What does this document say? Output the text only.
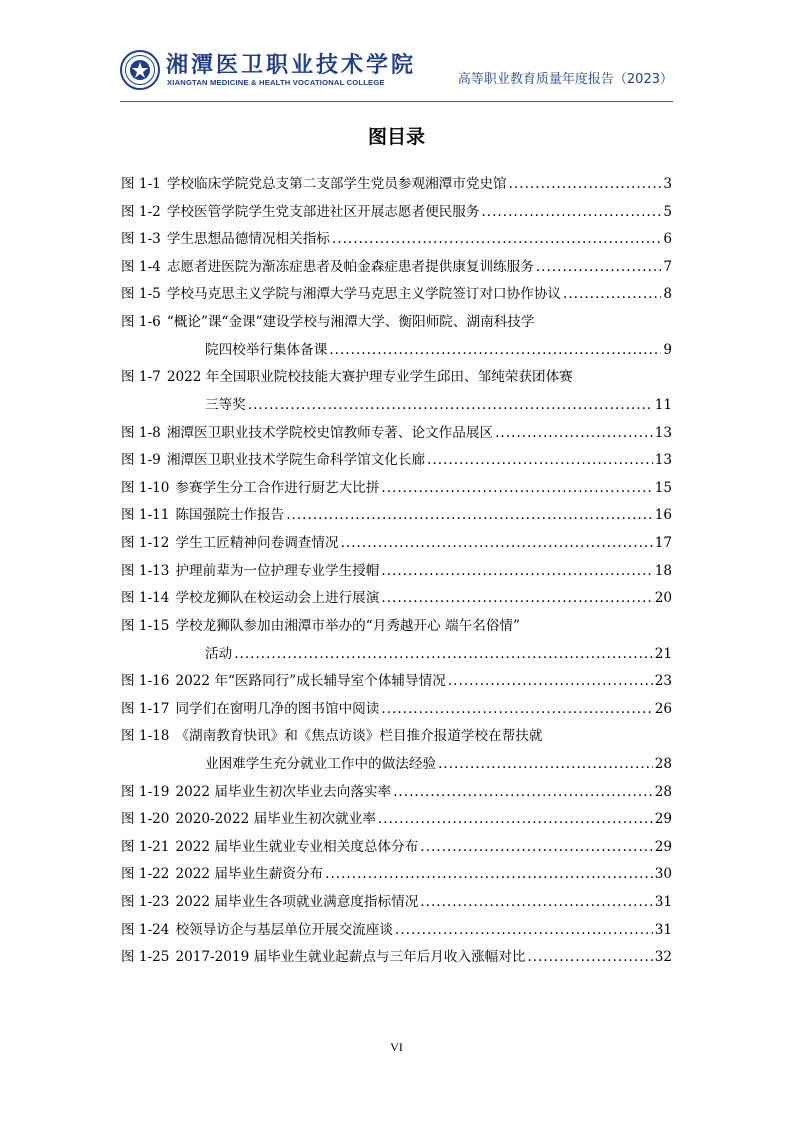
湘潭医卫职业技术学院
XIANGTAN MEDICINE & HEALTH VOCATIONAL COLLEGE	高等职业教育质量年度报告（2023）
图目录
图 1-1 学校临床学院党总支第二支部学生党员参观湘潭市党史馆 .....	3
图 1-2 学校医管学院学生党支部进社区开展志愿者便民服务 .....	5
图 1-3 学生思想品德情况相关指标 .....	6
图 1-4 志愿者进医院为渐冻症患者及帕金森症患者提供康复训练服务 .....	7
图 1-5 学校马克思主义学院与湘潭大学马克思主义学院签订对口协作协议 .....	8
图 1-6 “概论”课“金课”建设学校与湘潭大学、衡阳师院、湖南科技学
院四校举行集体备课 .....	9
图 1-7 2022 年全国职业院校技能大赛护理专业学生邱田、邹纯荣获团体赛
三等奖 .....	11
图 1-8 湘潭医卫职业技术学院校史馆教师专著、论文作品展区 .....	13
图 1-9 湘潭医卫职业技术学院生命科学馆文化长廊 .....	13
图 1-10 参赛学生分工合作进行厨艺大比拼 .....	15
图 1-11 陈国强院士作报告 .....	16
图 1-12 学生工匠精神问卷调查情况 .....	17
图 1-13 护理前辈为一位护理专业学生授帽 .....	18
图 1-14 学校龙狮队在校运动会上进行展演 .....	20
图 1-15 学校龙狮队参加由湘潭市举办的“月秀越开心 端午名俗情”
活动 .....	21
图 1-16 2022 年“医路同行”成长辅导室个体辅导情况 .....	23
图 1-17 同学们在窗明几净的图书馆中阅读 .....	26
图 1-18 《湖南教育快讯》和《焦点访谈》栏目推介报道学校在帮扶就
业困难学生充分就业工作中的做法经验 .....	28
图 1-19 2022 届毕业生初次毕业去向落实率 .....	28
图 1-20 2020-2022 届毕业生初次就业率 .....	29
图 1-21 2022 届毕业生就业专业相关度总体分布 .....	29
图 1-22 2022 届毕业生薪资分布 .....	30
图 1-23 2022 届毕业生各项就业满意度指标情况 .....	31
图 1-24 校领导访企与基层单位开展交流座谈 .....	31
图 1-25 2017-2019 届毕业生就业起薪点与三年后月收入涨幅对比 .....	32
VI
